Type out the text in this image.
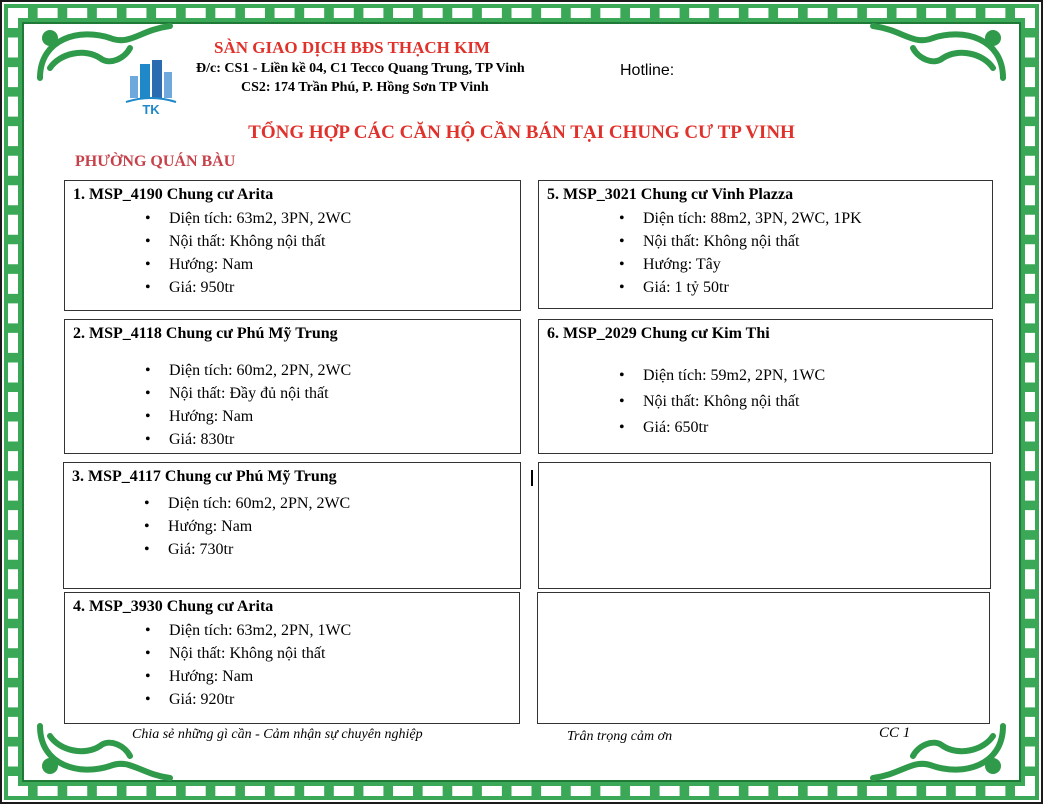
TK
SÀN GIAO DỊCH BĐS THẠCH KIM
Đ/c: CS1 - Liền kề 04, C1 Tecco Quang Trung, TP Vinh
CS2: 174 Trần Phú, P. Hồng Sơn TP Vinh
Hotline:
TỔNG HỢP CÁC CĂN HỘ CẦN BÁN TẠI CHUNG CƯ TP VINH
PHƯỜNG QUÁN BÀU
1. MSP_4190 Chung cư Arita
• Diện tích: 63m2, 3PN, 2WC
• Nội thất: Không nội thất
• Hướng: Nam
• Giá: 950tr
2. MSP_4118 Chung cư Phú Mỹ Trung
• Diện tích: 60m2, 2PN, 2WC
• Nội thất: Đầy đủ nội thất
• Hướng: Nam
• Giá: 830tr
3. MSP_4117 Chung cư Phú Mỹ Trung
• Diện tích: 60m2, 2PN, 2WC
• Hướng: Nam
• Giá: 730tr
4. MSP_3930 Chung cư Arita
• Diện tích: 63m2, 2PN, 1WC
• Nội thất: Không nội thất
• Hướng: Nam
• Giá: 920tr
5. MSP_3021 Chung cư Vinh Plazza
• Diện tích: 88m2, 3PN, 2WC, 1PK
• Nội thất: Không nội thất
• Hướng: Tây
• Giá: 1 tỷ 50tr
6. MSP_2029 Chung cư Kim Thi
• Diện tích: 59m2, 2PN, 1WC
• Nội thất: Không nội thất
• Giá: 650tr
Chia sẻ những gì cần - Cảm nhận sự chuyên nghiệp	Trân trọng cảm ơn	CC 1
